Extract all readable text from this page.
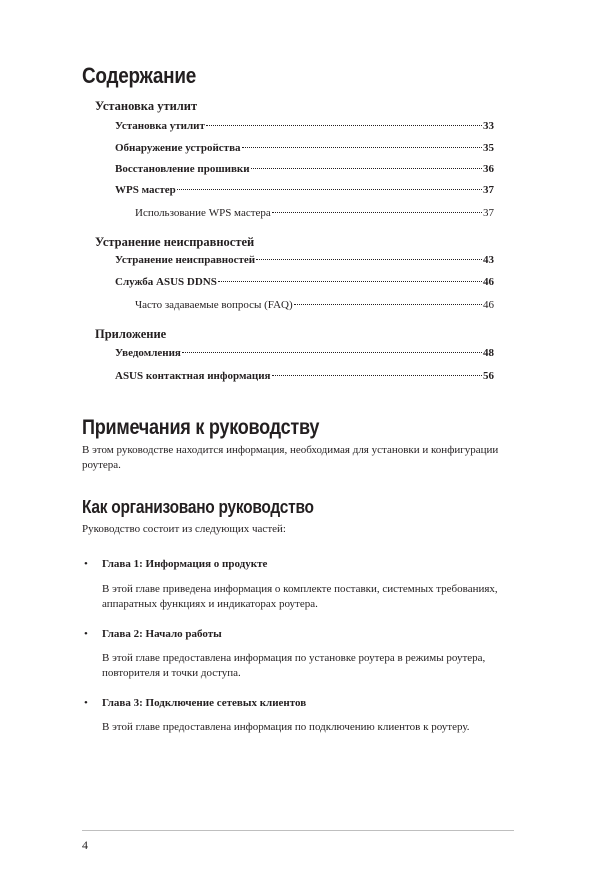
Содержание
Установка утилит
Установка утилит	33
Обнаружение устройства	35
Восстановление прошивки	36
WPS мастер	37
Использование WPS мастера	37
Устранение неисправностей
Устранение неисправностей	43
Служба ASUS DDNS	46
Часто задаваемые вопросы (FAQ)	46
Приложение
Уведомления	48
ASUS контактная информация	56
Примечания к руководству

В этом руководстве находится информация, необходимая для установки и конфигурации роутера.

Как организовано руководство

Руководство состоит из следующих частей:

• Глава 1: Информация о продукте

В этой главе приведена информация о комплекте поставки, системных требованиях, аппаратных функциях и индикаторах роутера.

• Глава 2: Начало работы

В этой главе предоставлена информация по установке роутера в режимы роутера, повторителя и точки доступа.

• Глава 3: Подключение сетевых клиентов

В этой главе предоставлена информация по подключению клиентов к роутеру.

4
